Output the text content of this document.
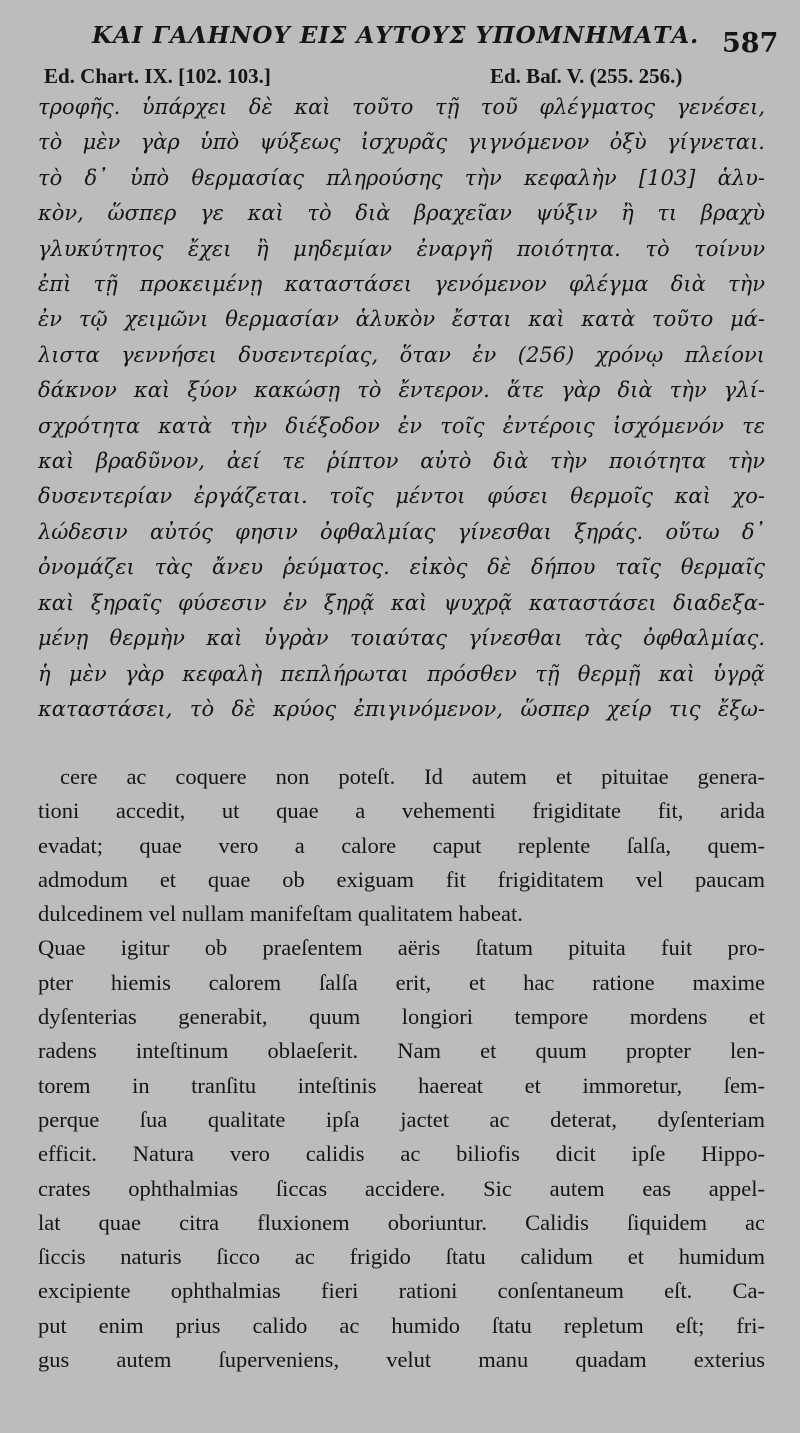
ΚΑΙ ΓΑΛΗΝΟΥ ΕΙΣ ΑΥΤΟΥΣ ΥΠΟΜΝΗΜΑΤΑ. 587
Ed. Chart. IX. [102. 103.]	Ed. Baſ. V. (255. 256.)
τροφῆς. ὑπάρχει δὲ καὶ τοῦτο τῇ τοῦ φλέγματος γενέσει,
τὸ μὲν γὰρ ὑπὸ ψύξεως ἰσχυρᾶς γιγνόμενον ὀξὺ γίγνεται.
τὸ δ᾽ ὑπὸ θερμασίας πληρούσης τὴν κεφαλὴν [103] ἁλυ-
κὸν, ὥσπερ γε καὶ τὸ διὰ βραχεῖαν ψύξιν ἢ τι βραχὺ
γλυκύτητος ἔχει ἢ μηδεμίαν ἐναργῆ ποιότητα. τὸ τοίνυν
ἐπὶ τῇ προκειμένῃ καταστάσει γενόμενον φλέγμα διὰ τὴν
ἐν τῷ χειμῶνι θερμασίαν ἁλυκὸν ἔσται καὶ κατὰ τοῦτο μά-
λιστα γεννήσει δυσεντερίας, ὅταν ἐν (256) χρόνῳ πλείονι
δάκνον καὶ ξύον κακώσῃ τὸ ἔντερον. ἅτε γὰρ διὰ τὴν γλί-
σχρότητα κατὰ τὴν διέξοδον ἐν τοῖς ἐντέροις ἰσχόμενόν τε
καὶ βραδῦνον, ἀεί τε ῥίπτον αὐτὸ διὰ τὴν ποιότητα τὴν
δυσεντερίαν ἐργάζεται. τοῖς μέντοι φύσει θερμοῖς καὶ χο-
λώδεσιν αὐτός φησιν ὀφθαλμίας γίνεσθαι ξηράς. οὕτω δ᾽
ὀνομάζει τὰς ἄνευ ῥεύματος. εἰκὸς δὲ δήπου ταῖς θερμαῖς
καὶ ξηραῖς φύσεσιν ἐν ξηρᾷ καὶ ψυχρᾷ καταστάσει διαδεξα-
μένῃ θερμὴν καὶ ὑγρὰν τοιαύτας γίνεσθαι τὰς ὀφθαλμίας.
ἡ μὲν γὰρ κεφαλὴ πεπλήρωται πρόσθεν τῇ θερμῇ καὶ ὑγρᾷ
καταστάσει, τὸ δὲ κρύος ἐπιγινόμενον, ὥσπερ χείρ τις ἔξω-
cere ac coquere non poteſt. Id autem et pituitae genera-
tioni accedit, ut quae a vehementi frigiditate fit, arida
evadat; quae vero a calore caput replente ſalſa, quem-
admodum et quae ob exiguam fit frigiditatem vel paucam
dulcedinem vel nullam manifeſtam qualitatem habeat.
Quae igitur ob praeſentem aëris ſtatum pituita fuit pro-
pter hiemis calorem ſalſa erit, et hac ratione maxime
dyſenterias generabit, quum longiori tempore mordens et
radens inteſtinum oblaeſerit. Nam et quum propter len-
torem in tranſitu inteſtinis haereat et immoretur, ſem-
perque ſua qualitate ipſa jactet ac deterat, dyſenteriam
efficit. Natura vero calidis ac biliofis dicit ipſe Hippo-
crates ophthalmias ſiccas accidere. Sic autem eas appel-
lat quae citra fluxionem oboriuntur. Calidis ſiquidem ac
ſiccis naturis ſicco ac frigido ſtatu calidum et humidum
excipiente ophthalmias fieri rationi conſentaneum eſt. Ca-
put enim prius calido ac humido ſtatu repletum eſt; fri-
gus autem ſuperveniens, velut manu quadam exterius
